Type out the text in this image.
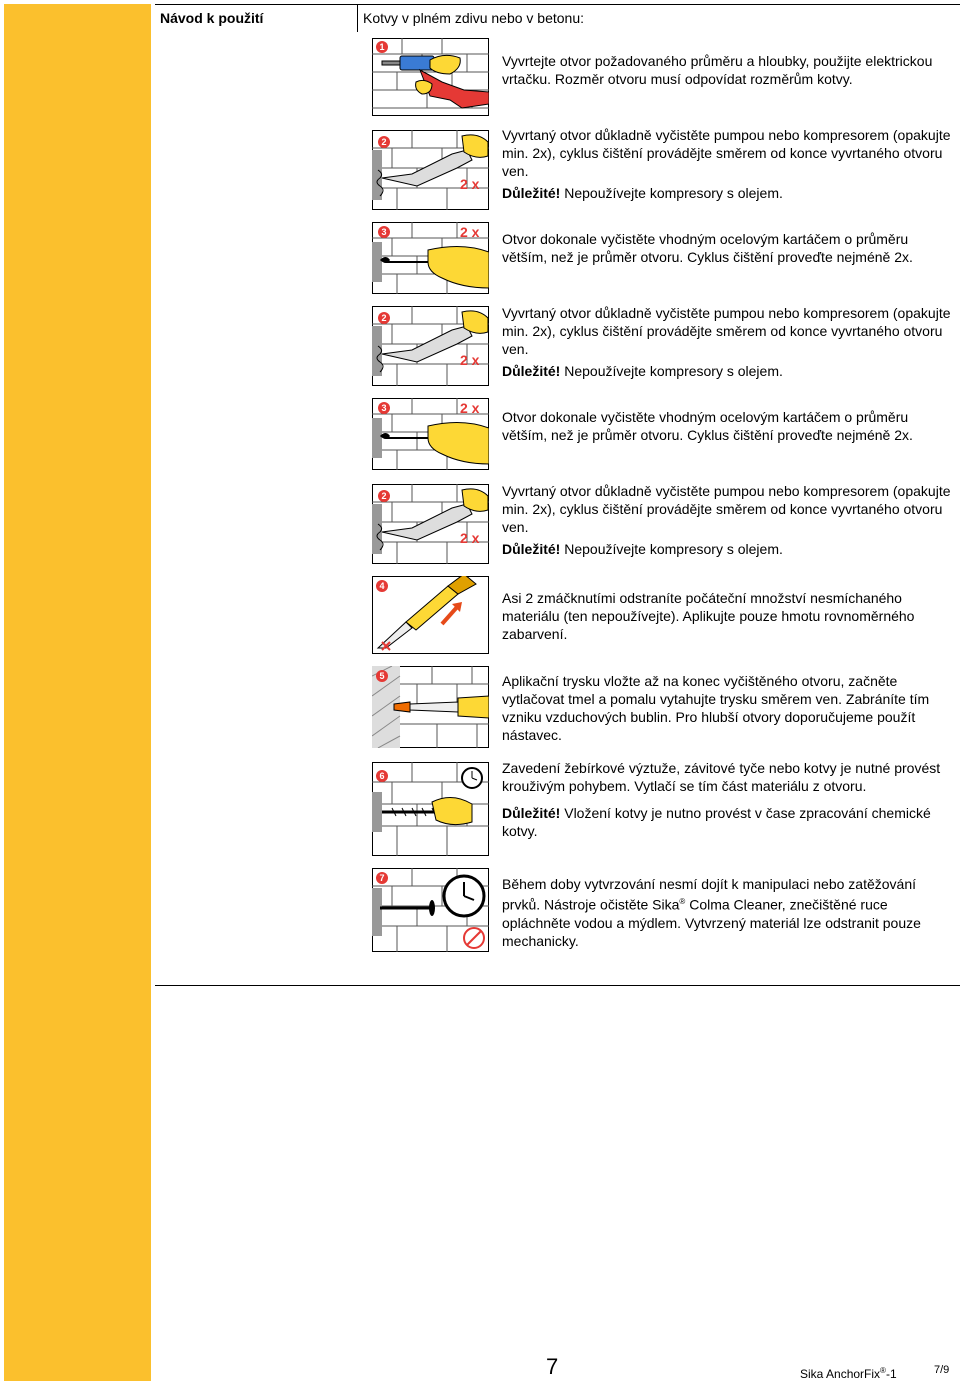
Návod k použití	Kotvy v plném zdivu nebo v betonu:
1
2
2 x
3	2 x
2
2 x
3	2 x
2
2 x
4
5
6
7

Vyvrtejte otvor požadovaného průměru a hloubky, použijte elektrickou vrtačku. Rozměr otvoru musí odpovídat rozměrům kotvy.

Vyvrtaný otvor důkladně vyčistěte pumpou nebo kompresorem (opakujte min. 2x), cyklus čištění provádějte směrem od konce vyvrtaného otvoru ven.

Důležité! Nepoužívejte kompresory s olejem.

Otvor dokonale vyčistěte vhodným ocelovým kartáčem o průměru větším, než je průměr otvoru. Cyklus čištění proveďte nejméně 2x.

Vyvrtaný otvor důkladně vyčistěte pumpou nebo kompresorem (opakujte min. 2x), cyklus čištění provádějte směrem od konce vyvrtaného otvoru ven.

Důležité! Nepoužívejte kompresory s olejem.

Otvor dokonale vyčistěte vhodným ocelovým kartáčem o průměru větším, než je průměr otvoru. Cyklus čištění proveďte nejméně 2x.

Vyvrtaný otvor důkladně vyčistěte pumpou nebo kompresorem (opakujte min. 2x), cyklus čištění provádějte směrem od konce vyvrtaného otvoru ven.

Důležité! Nepoužívejte kompresory s olejem.

Asi 2 zmáčknutími odstraníte počáteční množství nesmíchaného materiálu (ten nepoužívejte). Aplikujte pouze hmotu rovnoměrného zabarvení.

Aplikační trysku vložte až na konec vyčištěného otvoru, začněte vytlačovat tmel a pomalu vytahujte trysku směrem ven. Zabráníte tím vzniku vzduchových bublin. Pro hlubší otvory doporučujeme použít nástavec.

Zavedení žebírkové výztuže, závitové tyče nebo kotvy je nutné provést krouživým pohybem. Vytlačí se tím část materiálu z otvoru.

Důležité! Vložení kotvy je nutno provést v čase zpracování chemické kotvy.

Během doby vytvrzování nesmí dojít k manipulaci nebo zatěžování prvků. Nástroje očistěte Sika® Colma Cleaner, znečištěné ruce opláchněte vodou a mýdlem. Vytvrzený materiál lze odstranit pouze mechanicky.

7	Sika AnchorFix®-1	7/9
